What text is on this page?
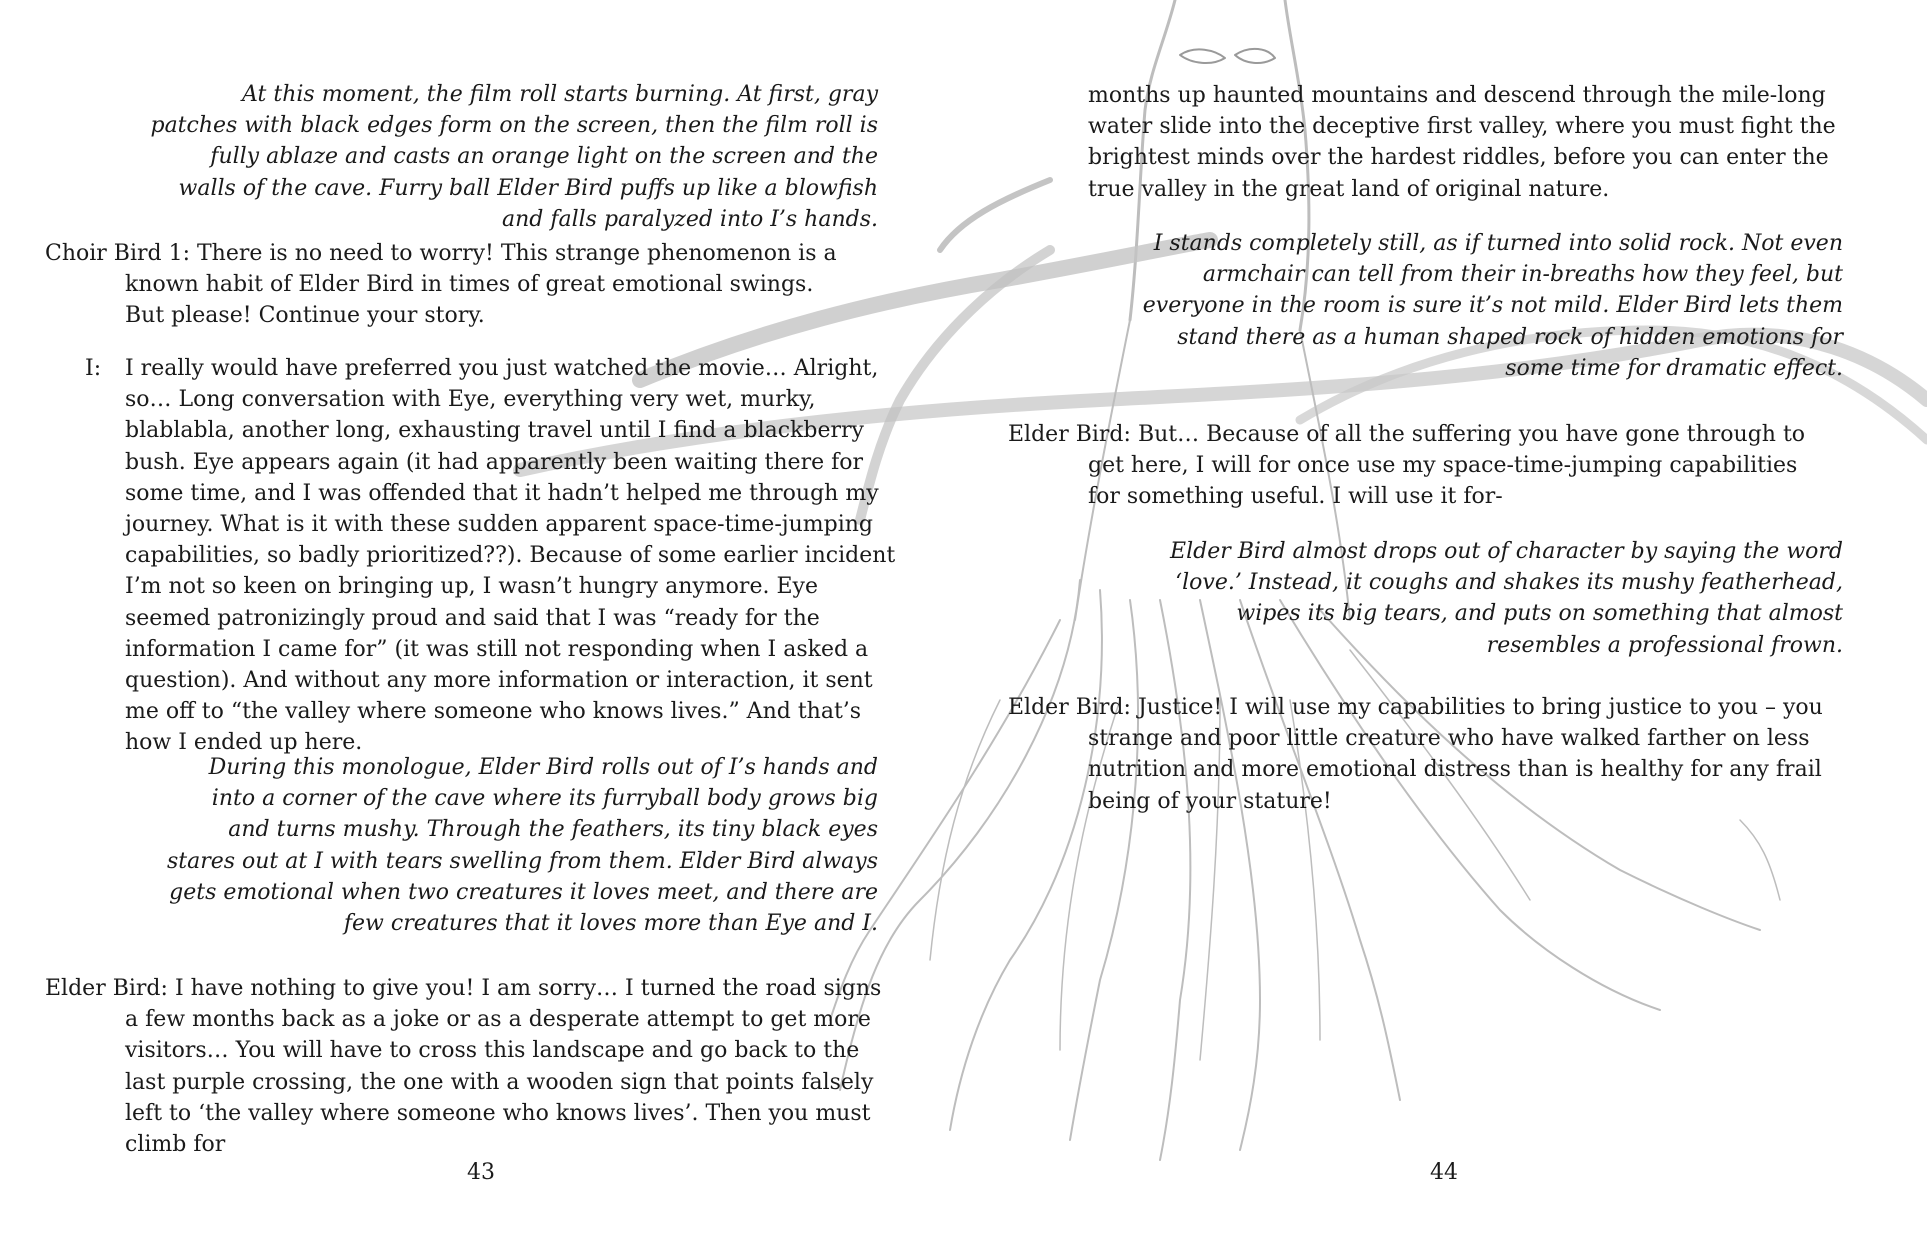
At this moment, the film roll starts burning. At first, gray patches with black edges form on the screen, then the film roll is fully ablaze and casts an orange light on the screen and the walls of the cave. Furry ball Elder Bird puffs up like a blowfish and falls paralyzed into I’s hands.
Choir Bird 1: There is no need to worry! This strange phenomenon is a known habit of Elder Bird in times of great emotional swings. But please! Continue your story.
I: I really would have preferred you just watched the movie… Alright, so… Long conversation with Eye, everything very wet, murky, blablabla, another long, exhausting travel until I find a blackberry bush. Eye appears again (it had apparently been waiting there for some time, and I was offended that it hadn’t helped me through my journey. What is it with these sudden apparent space-time-jumping capabilities, so badly prioritized??). Because of some earlier incident I’m not so keen on bringing up, I wasn’t hungry anymore. Eye seemed patronizingly proud and said that I was “ready for the information I came for” (it was still not responding when I asked a question). And without any more information or interaction, it sent me off to “the valley where someone who knows lives.” And that’s how I ended up here.
During this monologue, Elder Bird rolls out of I’s hands and into a corner of the cave where its furryball body grows big and turns mushy. Through the feathers, its tiny black eyes stares out at I with tears swelling from them. Elder Bird always gets emotional when two creatures it loves meet, and there are few creatures that it loves more than Eye and I.
Elder Bird: I have nothing to give you! I am sorry… I turned the road signs a few months back as a joke or as a desperate attempt to get more visitors… You will have to cross this landscape and go back to the last purple crossing, the one with a wooden sign that points falsely left to ‘the valley where someone who knows lives’. Then you must climb for
43
months up haunted mountains and descend through the mile-long water slide into the deceptive first valley, where you must fight the brightest minds over the hardest riddles, before you can enter the true valley in the great land of original nature.
I stands completely still, as if turned into solid rock. Not even armchair can tell from their in-breaths how they feel, but everyone in the room is sure it’s not mild. Elder Bird lets them stand there as a human shaped rock of hidden emotions for some time for dramatic effect.
Elder Bird: But… Because of all the suffering you have gone through to get here, I will for once use my space-time-jumping capabilities for something useful. I will use it for-
Elder Bird almost drops out of character by saying the word ‘love.’ Instead, it coughs and shakes its mushy featherhead, wipes its big tears, and puts on something that almost resembles a professional frown.
Elder Bird: Justice! I will use my capabilities to bring justice to you – you strange and poor little creature who have walked farther on less nutrition and more emotional distress than is healthy for any frail being of your stature!
44
